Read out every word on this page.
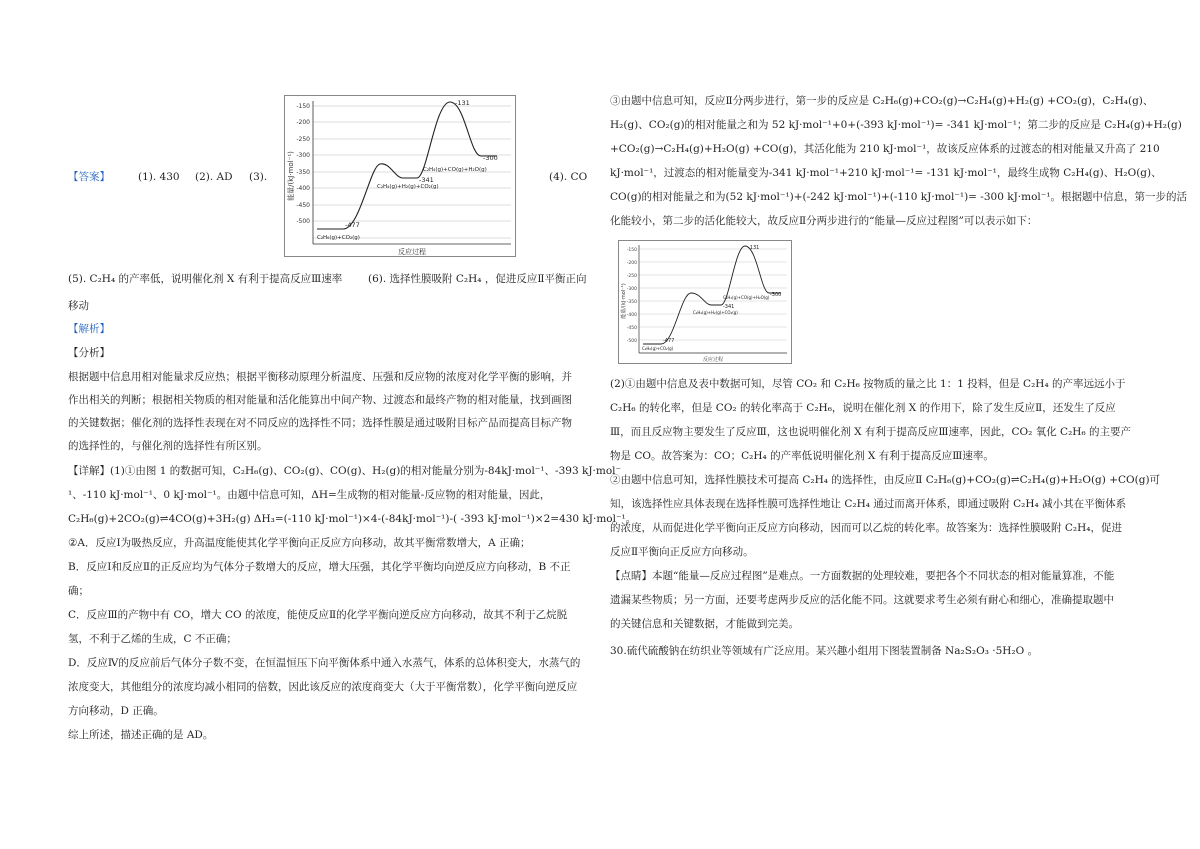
【答案】	(1). 430 (2). AD (3).	(4). CO
(5). C₂H₄ 的产率低，说明催化剂 X 有利于提高反应Ⅲ速率	(6). 选择性膜吸附 C₂H₄ ，促进反应Ⅱ平衡正向
移动
【解析】
【分析】
根据题中信息用相对能量求反应热；根据平衡移动原理分析温度、压强和反应物的浓度对化学平衡的影响，并
作出相关的判断；根据相关物质的相对能量和活化能算出中间产物、过渡态和最终产物的相对能量，找到画图
的关键数据；催化剂的选择性表现在对不同反应的选择性不同；选择性膜是通过吸附目标产品而提高目标产物
的选择性的，与催化剂的选择性有所区别。
【详解】(1)①由图 1 的数据可知，C₂H₆(g)、CO₂(g)、CO(g)、H₂(g)的相对能量分别为-84kJ·mol⁻¹、-393 kJ·mol⁻
¹、-110 kJ·mol⁻¹、0 kJ·mol⁻¹。由题中信息可知，ΔH=生成物的相对能量-反应物的相对能量，因此，
C₂H₆(g)+2CO₂(g)⇌4CO(g)+3H₂(g) ΔH₃=(-110 kJ·mol⁻¹)×4-(-84kJ·mol⁻¹)-( -393 kJ·mol⁻¹)×2=430 kJ·mol⁻¹。
②A．反应Ⅰ为吸热反应，升高温度能使其化学平衡向正反应方向移动，故其平衡常数增大，A 正确；
B．反应Ⅰ和反应Ⅱ的正反应均为气体分子数增大的反应，增大压强，其化学平衡均向逆反应方向移动，B 不正
确；
C．反应Ⅲ的产物中有 CO，增大 CO 的浓度，能使反应Ⅱ的化学平衡向逆反应方向移动，故其不利于乙烷脱
氢，不利于乙烯的生成，C 不正确；
D．反应Ⅳ的反应前后气体分子数不变，在恒温恒压下向平衡体系中通入水蒸气，体系的总体积变大，水蒸气的
浓度变大，其他组分的浓度均减小相同的倍数，因此该反应的浓度商变大（大于平衡常数），化学平衡向逆反应
方向移动，D 正确。
综上所述，描述正确的是 AD。
-150
-200
-250
-300
-350
-400
-450
-500
能量/(kJ·mol⁻¹)
反应过程
-477
-341
-131
-300
C₂H₆(g)+CO₂(g)
C₂H₄(g)+H₂(g)+CO₂(g)
C₂H₄(g)+CO(g)+H₂O(g)
③由题中信息可知，反应Ⅱ分两步进行，第一步的反应是 C₂H₆(g)+CO₂(g)→C₂H₄(g)+H₂(g) +CO₂(g)，C₂H₄(g)、
H₂(g)、CO₂(g)的相对能量之和为 52 kJ·mol⁻¹+0+(-393 kJ·mol⁻¹)= -341 kJ·mol⁻¹；第二步的反应是 C₂H₄(g)+H₂(g)
+CO₂(g)→C₂H₄(g)+H₂O(g) +CO(g)，其活化能为 210 kJ·mol⁻¹，故该反应体系的过渡态的相对能量又升高了 210
kJ·mol⁻¹，过渡态的相对能量变为-341 kJ·mol⁻¹+210 kJ·mol⁻¹= -131 kJ·mol⁻¹，最终生成物 C₂H₄(g)、H₂O(g)、
CO(g)的相对能量之和为(52 kJ·mol⁻¹)+(-242 kJ·mol⁻¹)+(-110 kJ·mol⁻¹)= -300 kJ·mol⁻¹。根据题中信息，第一步的活
化能较小，第二步的活化能较大，故反应Ⅱ分两步进行的“能量—反应过程图”可以表示如下：
(2)①由题中信息及表中数据可知，尽管 CO₂ 和 C₂H₆ 按物质的量之比 1：1 投料，但是 C₂H₄ 的产率远远小于
C₂H₆ 的转化率，但是 CO₂ 的转化率高于 C₂H₆，说明在催化剂 X 的作用下，除了发生反应Ⅱ，还发生了反应
Ⅲ，而且反应物主要发生了反应Ⅲ，这也说明催化剂 X 有利于提高反应Ⅲ速率，因此，CO₂ 氧化 C₂H₆ 的主要产
物是 CO。故答案为：CO；C₂H₄ 的产率低说明催化剂 X 有利于提高反应Ⅲ速率。
②由题中信息可知，选择性膜技术可提高 C₂H₄ 的选择性，由反应Ⅱ C₂H₆(g)+CO₂(g)⇌C₂H₄(g)+H₂O(g) +CO(g)可
知，该选择性应具体表现在选择性膜可选择性地让 C₂H₄ 通过而离开体系，即通过吸附 C₂H₄ 减小其在平衡体系
的浓度，从而促进化学平衡向正反应方向移动，因而可以乙烷的转化率。故答案为：选择性膜吸附 C₂H₄，促进
反应Ⅱ平衡向正反应方向移动。
【点睛】本题“能量—反应过程图”是难点。一方面数据的处理较难，要把各个不同状态的相对能量算准，不能
遗漏某些物质；另一方面，还要考虑两步反应的活化能不同。这就要求考生必须有耐心和细心，准确提取题中
的关键信息和关键数据，才能做到完美。
30.硫代硫酸钠在纺织业等领域有广泛应用。某兴趣小组用下图装置制备 Na₂S₂O₃ ·5H₂O 。
-150
-200
-250
-300
-350
-400
-450
-500
能量/(kJ·mol⁻¹)
反应过程
-477
-341
-131
-300
C₂H₆(g)+CO₂(g)
C₂H₄(g)+H₂(g)+CO₂(g)
C₂H₄(g)+CO(g)+H₂O(g)
